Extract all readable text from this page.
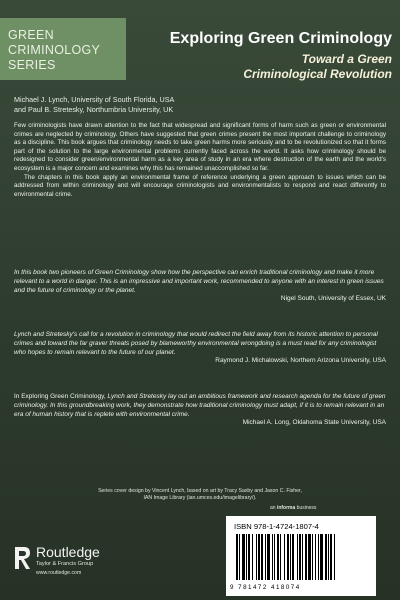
GREEN
CRIMINOLOGY
SERIES
Exploring Green Criminology
Toward a Green
Criminological Revolution
Michael J. Lynch, University of South Florida, USA
and Paul B. Stretesky, Northumbria University, UK

Few criminologists have drawn attention to the fact that widespread and significant forms of harm such as green or environmental crimes are neglected by criminology. Others have suggested that green crimes present the most important challenge to criminology as a discipline. This book argues that criminology needs to take green harms more seriously and to be revolutionized so that it forms part of the solution to the large environmental problems currently faced across the world. It asks how criminology should be redesigned to consider green/environmental harm as a key area of study in an era where destruction of the earth and the world's ecosystem is a major concern and examines why this has remained unaccomplished so far.

The chapters in this book apply an environmental frame of reference underlying a green approach to issues which can be addressed from within criminology and will encourage criminologists and environmentalists to respond and react differently to environmental crime.

In this book two pioneers of Green Criminology show how the perspective can enrich traditional criminology and make it more relevant to a world in danger. This is an impressive and important work, recommended to anyone with an interest in green issues and the future of criminology or the planet.
Nigel South, University of Essex, UK
Lynch and Stretesky's call for a revolution in criminology that would redirect the field away from its historic attention to personal crimes and toward the far graver threats posed by blameworthy environmental wrongdoing is a must read for any criminologist who hopes to remain relevant to the future of our planet.
Raymond J. Michalowski, Northern Arizona University, USA
In Exploring Green Criminology, Lynch and Stretesky lay out an ambitious framework and research agenda for the future of green criminology. In this groundbreaking work, they demonstrate how traditional criminology must adapt, if it is to remain relevant in an era of human history that is replete with environmental crime.
Michael A. Long, Oklahoma State University, USA
Series cover design by Vincent Lynch, based on art by Tracy Saxby and Jason C. Fisher,
IAN Image Library (ian.umces.edu/imagelibrary/).
an informa business
ISBN 978-1-4724-1807-4
9 781472 418074
Routledge
Taylor & Francis Group
www.routledge.com
